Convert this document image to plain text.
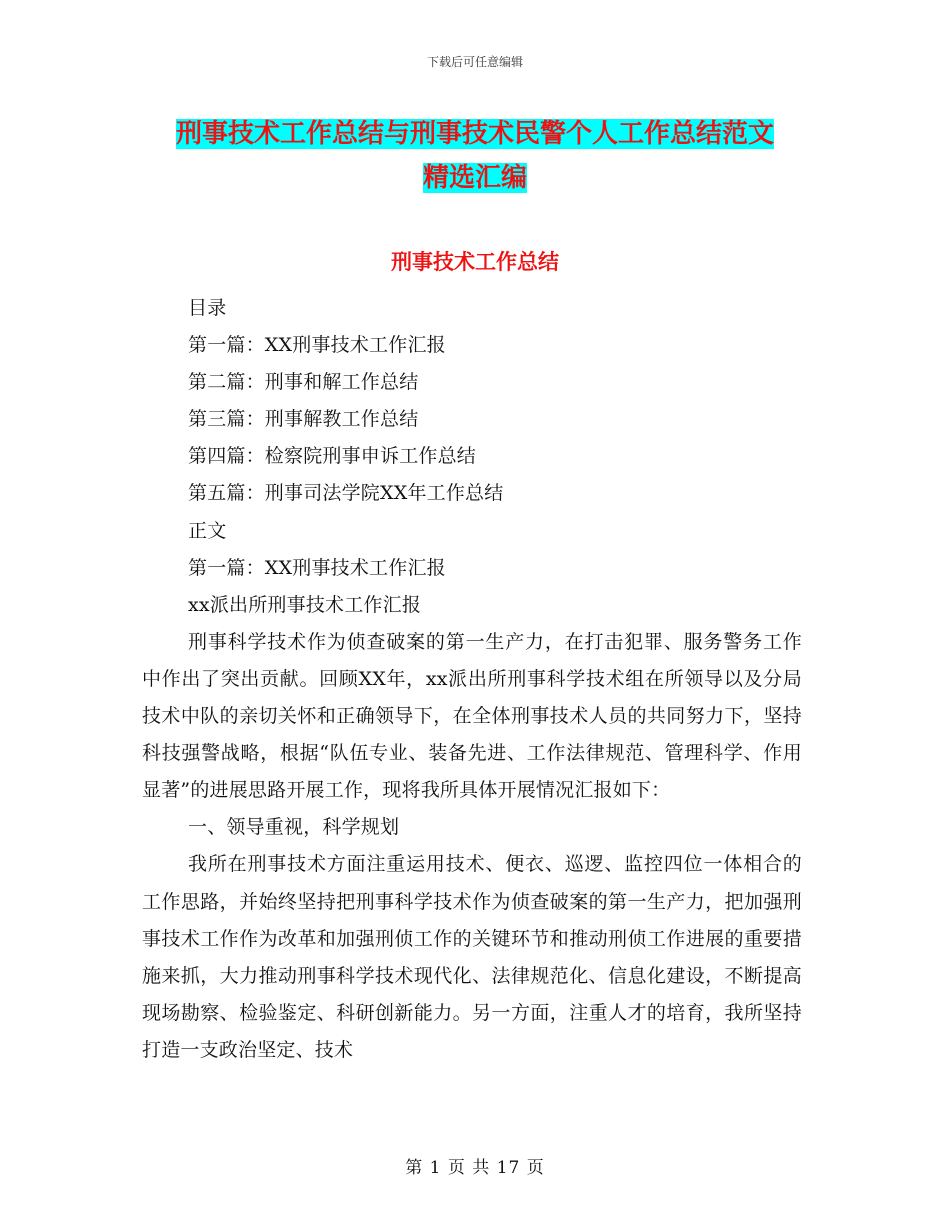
下载后可任意编辑
刑事技术工作总结与刑事技术民警个人工作总结范文
精选汇编
刑事技术工作总结

目录

第一篇：XX刑事技术工作汇报

第二篇：刑事和解工作总结

第三篇：刑事解教工作总结

第四篇：检察院刑事申诉工作总结

第五篇：刑事司法学院XX年工作总结

正文

第一篇：XX刑事技术工作汇报

xx派出所刑事技术工作汇报

刑事科学技术作为侦查破案的第一生产力，在打击犯罪、服务警务工作中作出了突出贡献。回顾XX年，xx派出所刑事科学技术组在所领导以及分局技术中队的亲切关怀和正确领导下，在全体刑事技术人员的共同努力下，坚持科技强警战略，根据“队伍专业、装备先进、工作法律规范、管理科学、作用显著”的进展思路开展工作，现将我所具体开展情况汇报如下：

一、领导重视，科学规划

我所在刑事技术方面注重运用技术、便衣、巡逻、监控四位一体相合的工作思路，并始终坚持把刑事科学技术作为侦查破案的第一生产力，把加强刑事技术工作作为改革和加强刑侦工作的关键环节和推动刑侦工作进展的重要措施来抓，大力推动刑事科学技术现代化、法律规范化、信息化建设，不断提高现场勘察、检验鉴定、科研创新能力。另一方面，注重人才的培育，我所坚持打造一支政治坚定、技术

第 1 页 共 17 页
